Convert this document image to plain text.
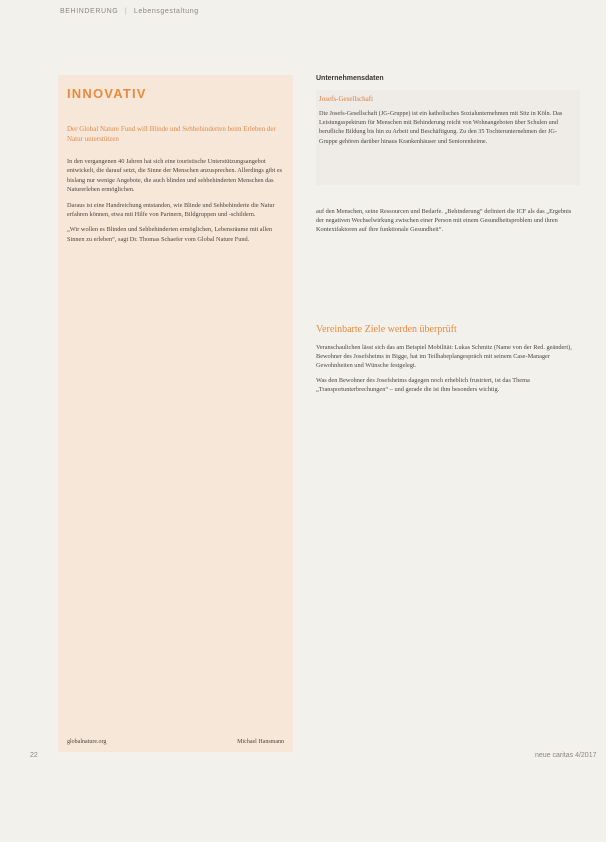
BEHINDERUNG | Lebensgestaltung
INNOVATIV
Der Global Nature Fund will Blinde und Sehbehinderten beim Erleben der Natur unterstützen

In den vergangenen 40 Jahren hat sich eine touristische Unterstützungsangebot entwickelt, die darauf setzt, die Sinne der Menschen anzusprechen. Allerdings gibt es bislang nur wenige Angebote, die auch blinden und sehbehinderten Menschen das Naturerleben ermöglichen.

Daraus ist eine Handreichung entstanden, wie Blinde und Sehbehinderte die Natur erfahren können, etwa mit Hilfe von Partnern, Bildgruppen und -schildern.

„Wir wollen es Blinden und Sehbehinderten ermöglichen, Lebensräume mit allen Sinnen zu erleben“, sagt Dr. Thomas Schaefer vom Global Nature Fund.

globalnature.org	Michael Hansmann
Unternehmensdaten
Josefs-Gesellschaft
Die Josefs-Gesellschaft (JG-Gruppe) ist ein katholisches Sozialunternehmen mit Sitz in Köln. Das Leistungsspektrum für Menschen mit Behinderung reicht von Wohnangeboten über Schulen und berufliche Bildung bis hin zu Arbeit und Beschäftigung. Zu den 35 Tochterunternehmen der JG-Gruppe gehören darüber hinaus Krankenhäuser und Seniorenheime.
auf den Menschen, seine Ressourcen und Bedarfe. „Behinderung“ definiert die ICF als das „Ergebnis der negativen Wechselwirkung zwischen einer Person mit einem Gesundheitsproblem und ihren Kontextfaktoren auf ihre funktionale Gesundheit“.
Vereinbarte Ziele werden überprüft

Veranschaulichen lässt sich das am Beispiel Mobilität: Lukas Schmitz (Name von der Red. geändert), Bewohner des Josefsheims in Bigge, hat im Teilhabeplangespräch mit seinem Case-Manager Gewohnheiten und Wünsche festgelegt.

Was den Bewohner des Josefsheims dagegen noch erheblich frustriert, ist das Thema „Transportunterbrechungen“ – und gerade die ist ihm besonders wichtig.

22	neue caritas 4/2017
